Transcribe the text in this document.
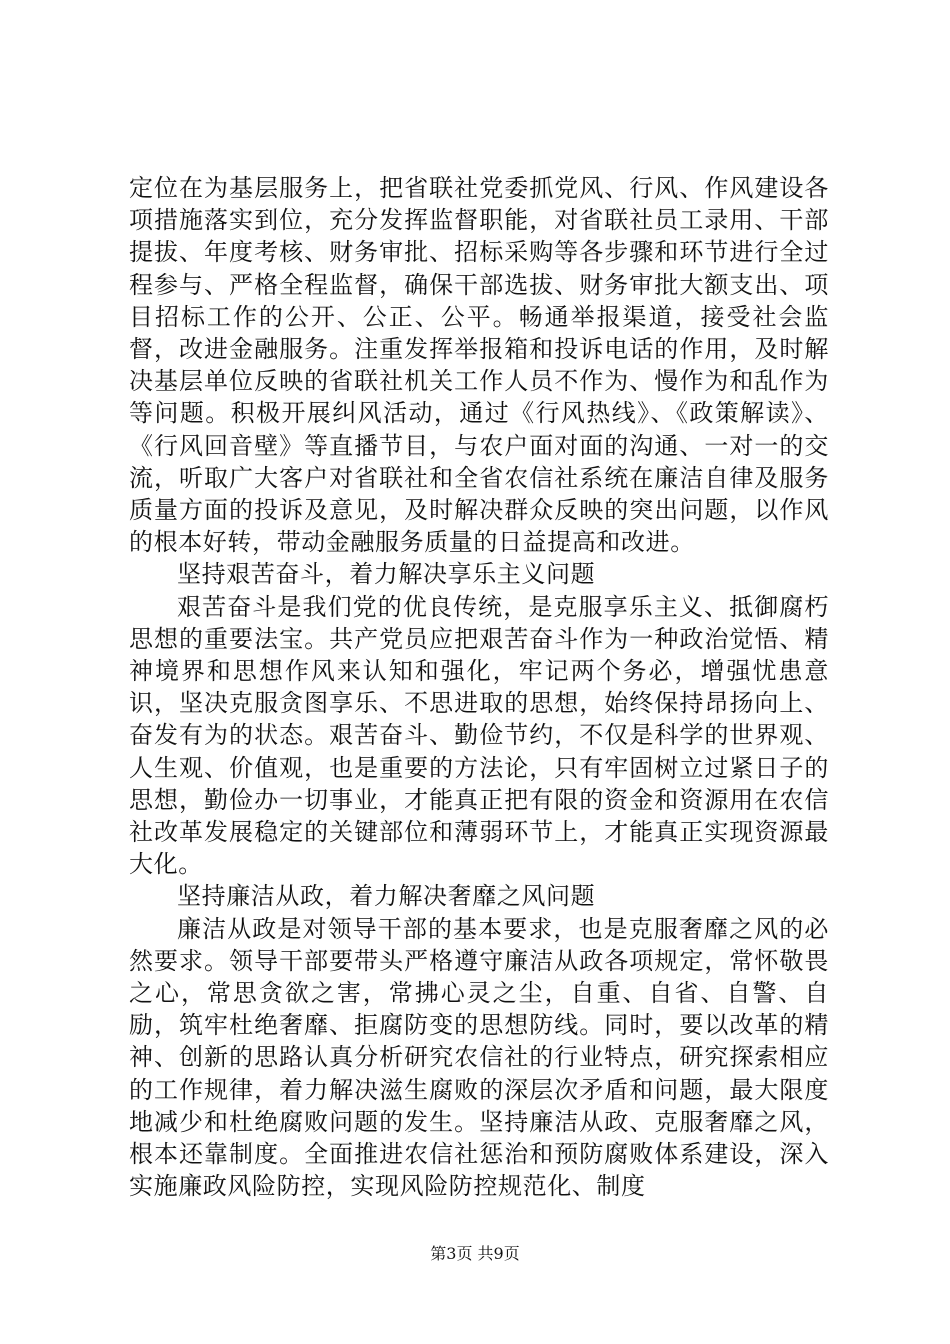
定位在为基层服务上，把省联社党委抓党风、行风、作风建设各项措施落实到位，充分发挥监督职能，对省联社员工录用、干部提拔、年度考核、财务审批、招标采购等各步骤和环节进行全过程参与、严格全程监督，确保干部选拔、财务审批大额支出、项目招标工作的公开、公正、公平。畅通举报渠道，接受社会监督，改进金融服务。注重发挥举报箱和投诉电话的作用，及时解决基层单位反映的省联社机关工作人员不作为、慢作为和乱作为等问题。积极开展纠风活动，通过《行风热线》、《政策解读》、《行风回音壁》等直播节目，与农户面对面的沟通、一对一的交流，听取广大客户对省联社和全省农信社系统在廉洁自律及服务质量方面的投诉及意见，及时解决群众反映的突出问题，以作风的根本好转，带动金融服务质量的日益提高和改进。

坚持艰苦奋斗，着力解决享乐主义问题

艰苦奋斗是我们党的优良传统，是克服享乐主义、抵御腐朽思想的重要法宝。共产党员应把艰苦奋斗作为一种政治觉悟、精神境界和思想作风来认知和强化，牢记两个务必，增强忧患意识，坚决克服贪图享乐、不思进取的思想，始终保持昂扬向上、奋发有为的状态。艰苦奋斗、勤俭节约，不仅是科学的世界观、人生观、价值观，也是重要的方法论，只有牢固树立过紧日子的思想，勤俭办一切事业，才能真正把有限的资金和资源用在农信社改革发展稳定的关键部位和薄弱环节上，才能真正实现资源最大化。

坚持廉洁从政，着力解决奢靡之风问题

廉洁从政是对领导干部的基本要求，也是克服奢靡之风的必然要求。领导干部要带头严格遵守廉洁从政各项规定，常怀敬畏之心，常思贪欲之害，常拂心灵之尘，自重、自省、自警、自励，筑牢杜绝奢靡、拒腐防变的思想防线。同时，要以改革的精神、创新的思路认真分析研究农信社的行业特点，研究探索相应的工作规律，着力解决滋生腐败的深层次矛盾和问题，最大限度地减少和杜绝腐败问题的发生。坚持廉洁从政、克服奢靡之风，根本还靠制度。全面推进农信社惩治和预防腐败体系建设，深入实施廉政风险防控，实现风险防控规范化、制度

第3页 共9页
